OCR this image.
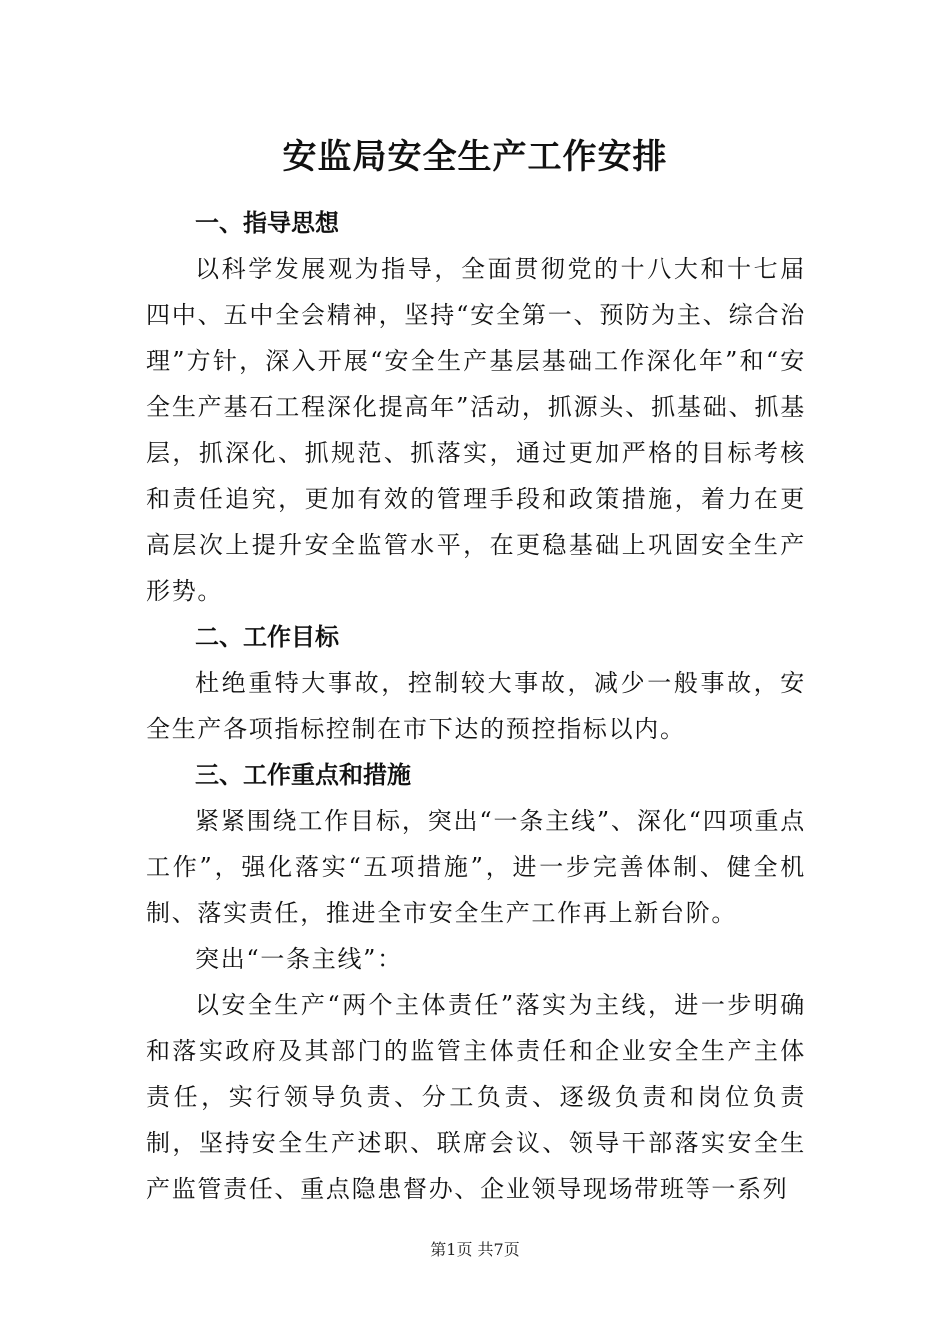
安监局安全生产工作安排
一、指导思想
以科学发展观为指导，全面贯彻党的十八大和十七届四中、五中全会精神，坚持“安全第一、预防为主、综合治理”方针，深入开展“安全生产基层基础工作深化年”和“安全生产基石工程深化提高年”活动，抓源头、抓基础、抓基层，抓深化、抓规范、抓落实，通过更加严格的目标考核和责任追究，更加有效的管理手段和政策措施，着力在更高层次上提升安全监管水平，在更稳基础上巩固安全生产形势。
二、工作目标
杜绝重特大事故，控制较大事故，减少一般事故，安全生产各项指标控制在市下达的预控指标以内。
三、工作重点和措施
紧紧围绕工作目标，突出“一条主线”、深化“四项重点工作”，强化落实“五项措施”，进一步完善体制、健全机制、落实责任，推进全市安全生产工作再上新台阶。
突出“一条主线”：
以安全生产“两个主体责任”落实为主线，进一步明确和落实政府及其部门的监管主体责任和企业安全生产主体责任，实行领导负责、分工负责、逐级负责和岗位负责制，坚持安全生产述职、联席会议、领导干部落实安全生产监管责任、重点隐患督办、企业领导现场带班等一系列
第1页 共7页
